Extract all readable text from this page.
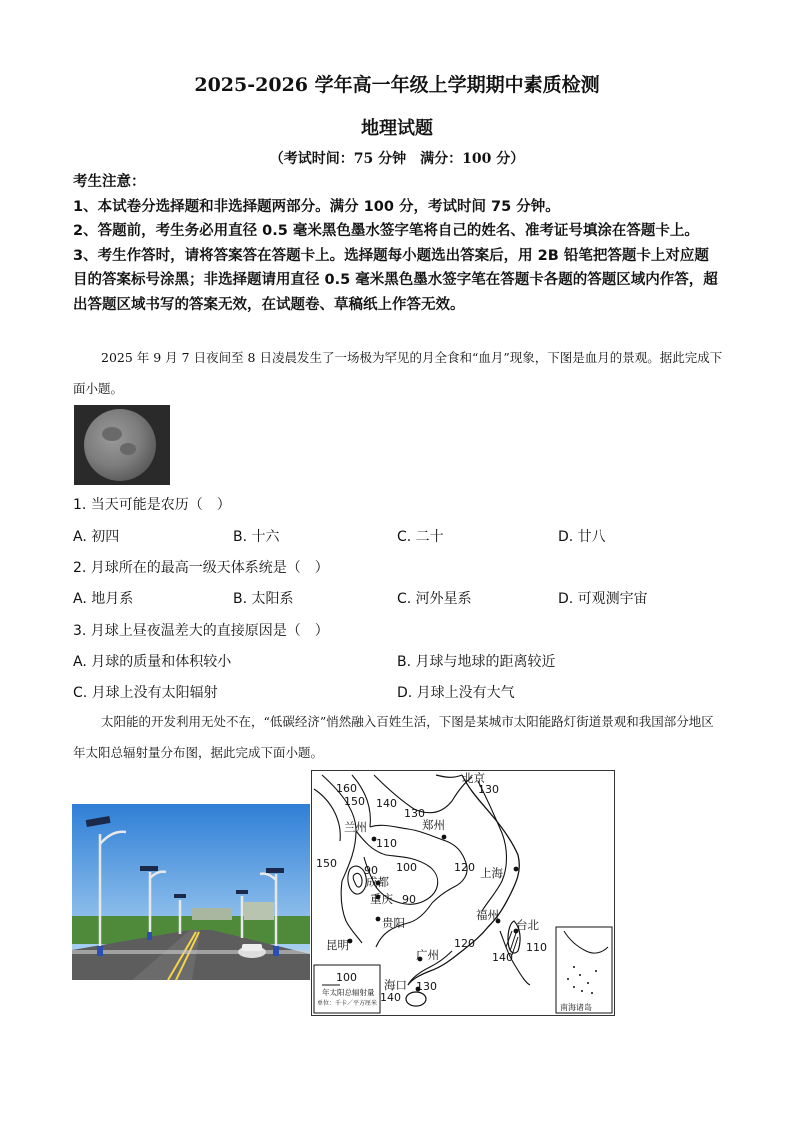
2025-2026 学年高一年级上学期期中素质检测
地理试题
（考试时间：75 分钟　满分：100 分）
考生注意：
1、本试卷分选择题和非选择题两部分。满分 100 分，考试时间 75 分钟。
2、答题前，考生务必用直径 0.5 毫米黑色墨水签字笔将自己的姓名、准考证号填涂在答题卡上。
3、考生作答时，请将答案答在答题卡上。选择题每小题选出答案后，用 2B 铅笔把答题卡上对应题目的答案标号涂黑；非选择题请用直径 0.5 毫米黑色墨水签字笔在答题卡各题的答题区域内作答，超出答题区域书写的答案无效，在试题卷、草稿纸上作答无效。
2025 年 9 月 7 日夜间至 8 日凌晨发生了一场极为罕见的月全食和“血月”现象，下图是血月的景观。据此完成下面小题。
1. 当天可能是农历（　）
A. 初四	B. 十六	C. 二十	D. 廿八
2. 月球所在的最高一级天体系统是（　）
A. 地月系	B. 太阳系	C. 河外星系	D. 可观测宇宙
3. 月球上昼夜温差大的直接原因是（　）
A. 月球的质量和体积较小	B. 月球与地球的距离较近
C. 月球上没有太阳辐射	D. 月球上没有大气
太阳能的开发利用无处不在，“低碳经济”悄然融入百姓生活，下图是某城市太阳能路灯街道景观和我国部分地区年太阳总辐射量分布图，据此完成下面小题。
北京
兰州	郑州
成都
重庆
贵阳
上海
福州
台北
昆明
广州
海口
160
150 140
130
130
110
100
90
90
150	120
120	110
140
140
130
100
年太阳总辐射量
单位：千卡／平方厘米	南海诸岛
